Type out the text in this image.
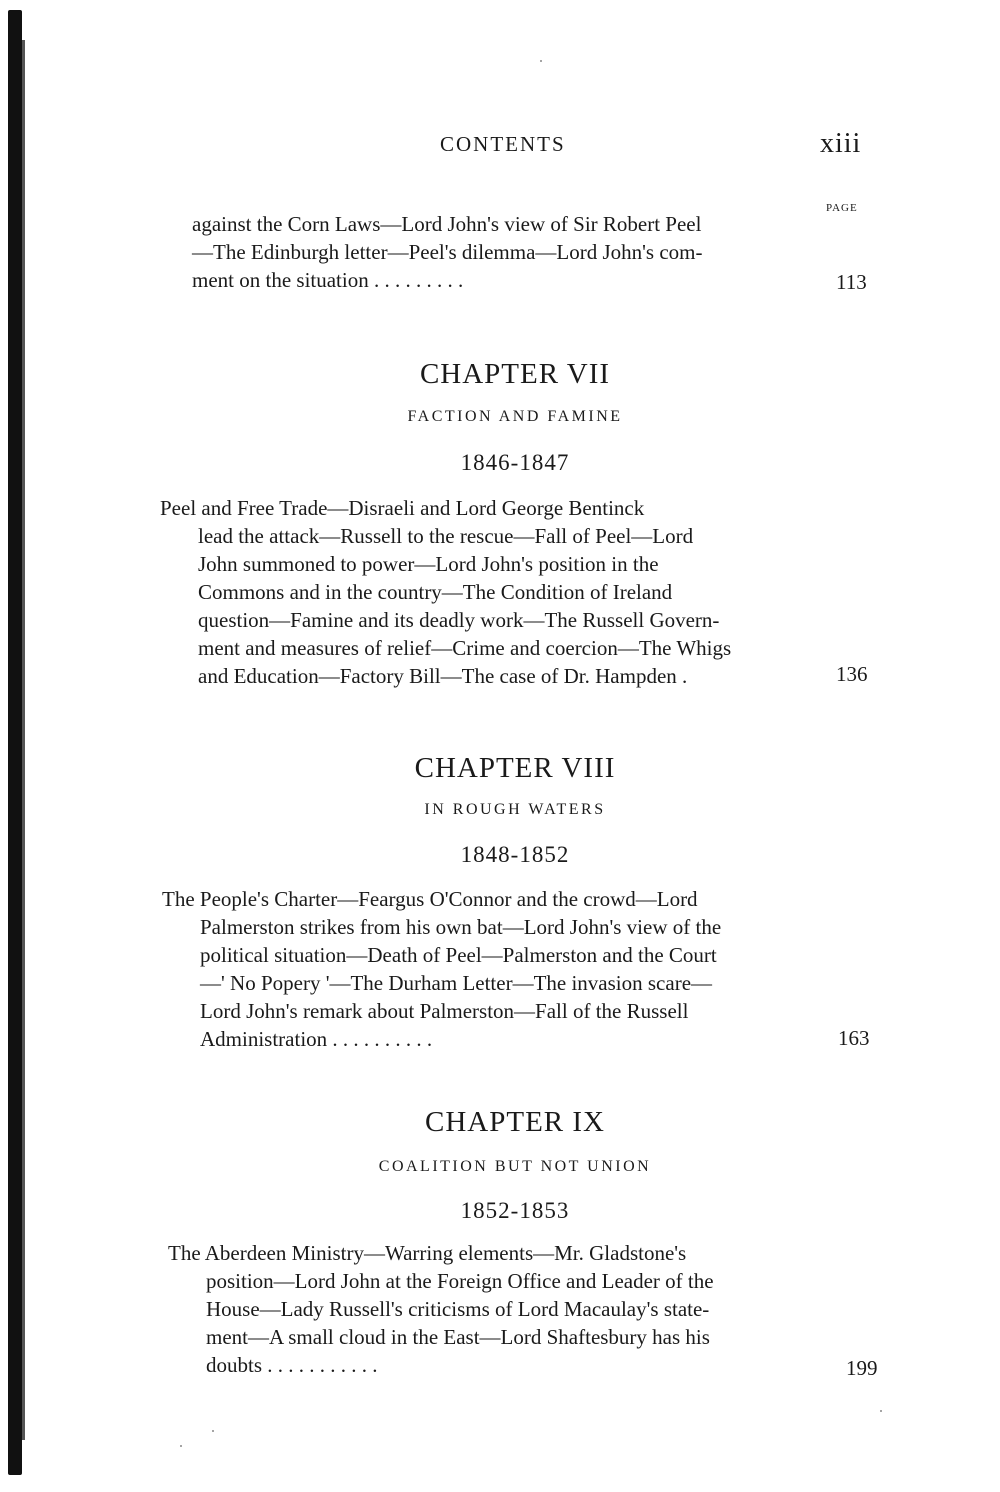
CONTENTS	xiii
PAGE
against the Corn Laws—Lord John's view of Sir Robert Peel
—The Edinburgh letter—Peel's dilemma—Lord John's com-
ment on the situation . . . . . . . . .	113
CHAPTER VII
FACTION AND FAMINE
1846-1847
Peel and Free Trade—Disraeli and Lord George Bentinck
lead the attack—Russell to the rescue—Fall of Peel—Lord
John summoned to power—Lord John's position in the
Commons and in the country—The Condition of Ireland
question—Famine and its deadly work—The Russell Govern-
ment and measures of relief—Crime and coercion—The Whigs
and Education—Factory Bill—The case of Dr. Hampden .	136
CHAPTER VIII
IN ROUGH WATERS
1848-1852
The People's Charter—Feargus O'Connor and the crowd—Lord
Palmerston strikes from his own bat—Lord John's view of the
political situation—Death of Peel—Palmerston and the Court
—' No Popery '—The Durham Letter—The invasion scare—
Lord John's remark about Palmerston—Fall of the Russell
Administration . . . . . . . . . .	163
CHAPTER IX
COALITION BUT NOT UNION
1852-1853
The Aberdeen Ministry—Warring elements—Mr. Gladstone's
position—Lord John at the Foreign Office and Leader of the
House—Lady Russell's criticisms of Lord Macaulay's state-
ment—A small cloud in the East—Lord Shaftesbury has his
doubts . . . . . . . . . . .	199
